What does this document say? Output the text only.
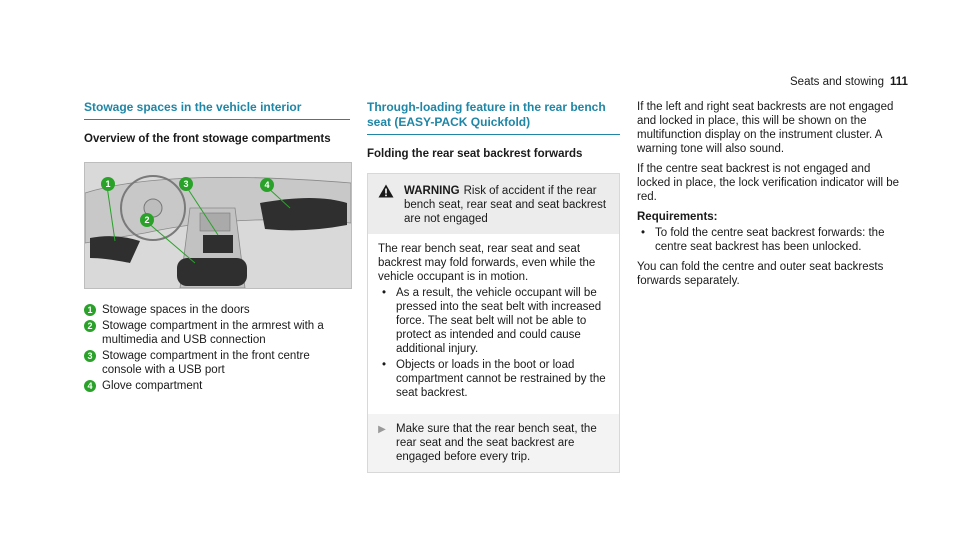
Seats and stowing 111
Stowage spaces in the vehicle interior
Overview of the front stowage compartments
1
2
3	4
1 Stowage spaces in the doors
2 Stowage compartment in the armrest with a multimedia and USB connection
3 Stowage compartment in the front centre console with a USB port
4 Glove compartment
Through-loading feature in the rear bench seat (EASY-PACK Quickfold)
Folding the rear seat backrest forwards
WARNING Risk of accident if the rear bench seat, rear seat and seat backrest are not engaged
The rear bench seat, rear seat and seat backrest may fold forwards, even while the vehicle occupant is in motion.
• As a result, the vehicle occupant will be pressed into the seat belt with increased force. The seat belt will not be able to protect as intended and could cause additional injury.
• Objects or loads in the boot or load compartment cannot be restrained by the seat backrest.
▶ Make sure that the rear bench seat, the rear seat and the seat backrest are engaged before every trip.

If the left and right seat backrests are not engaged and locked in place, this will be shown on the multifunction display on the instrument cluster. A warning tone will also sound.

If the centre seat backrest is not engaged and locked in place, the lock verification indicator will be red.

Requirements:
• To fold the centre seat backrest forwards: the centre seat backrest has been unlocked.

You can fold the centre and outer seat backrests forwards separately.
